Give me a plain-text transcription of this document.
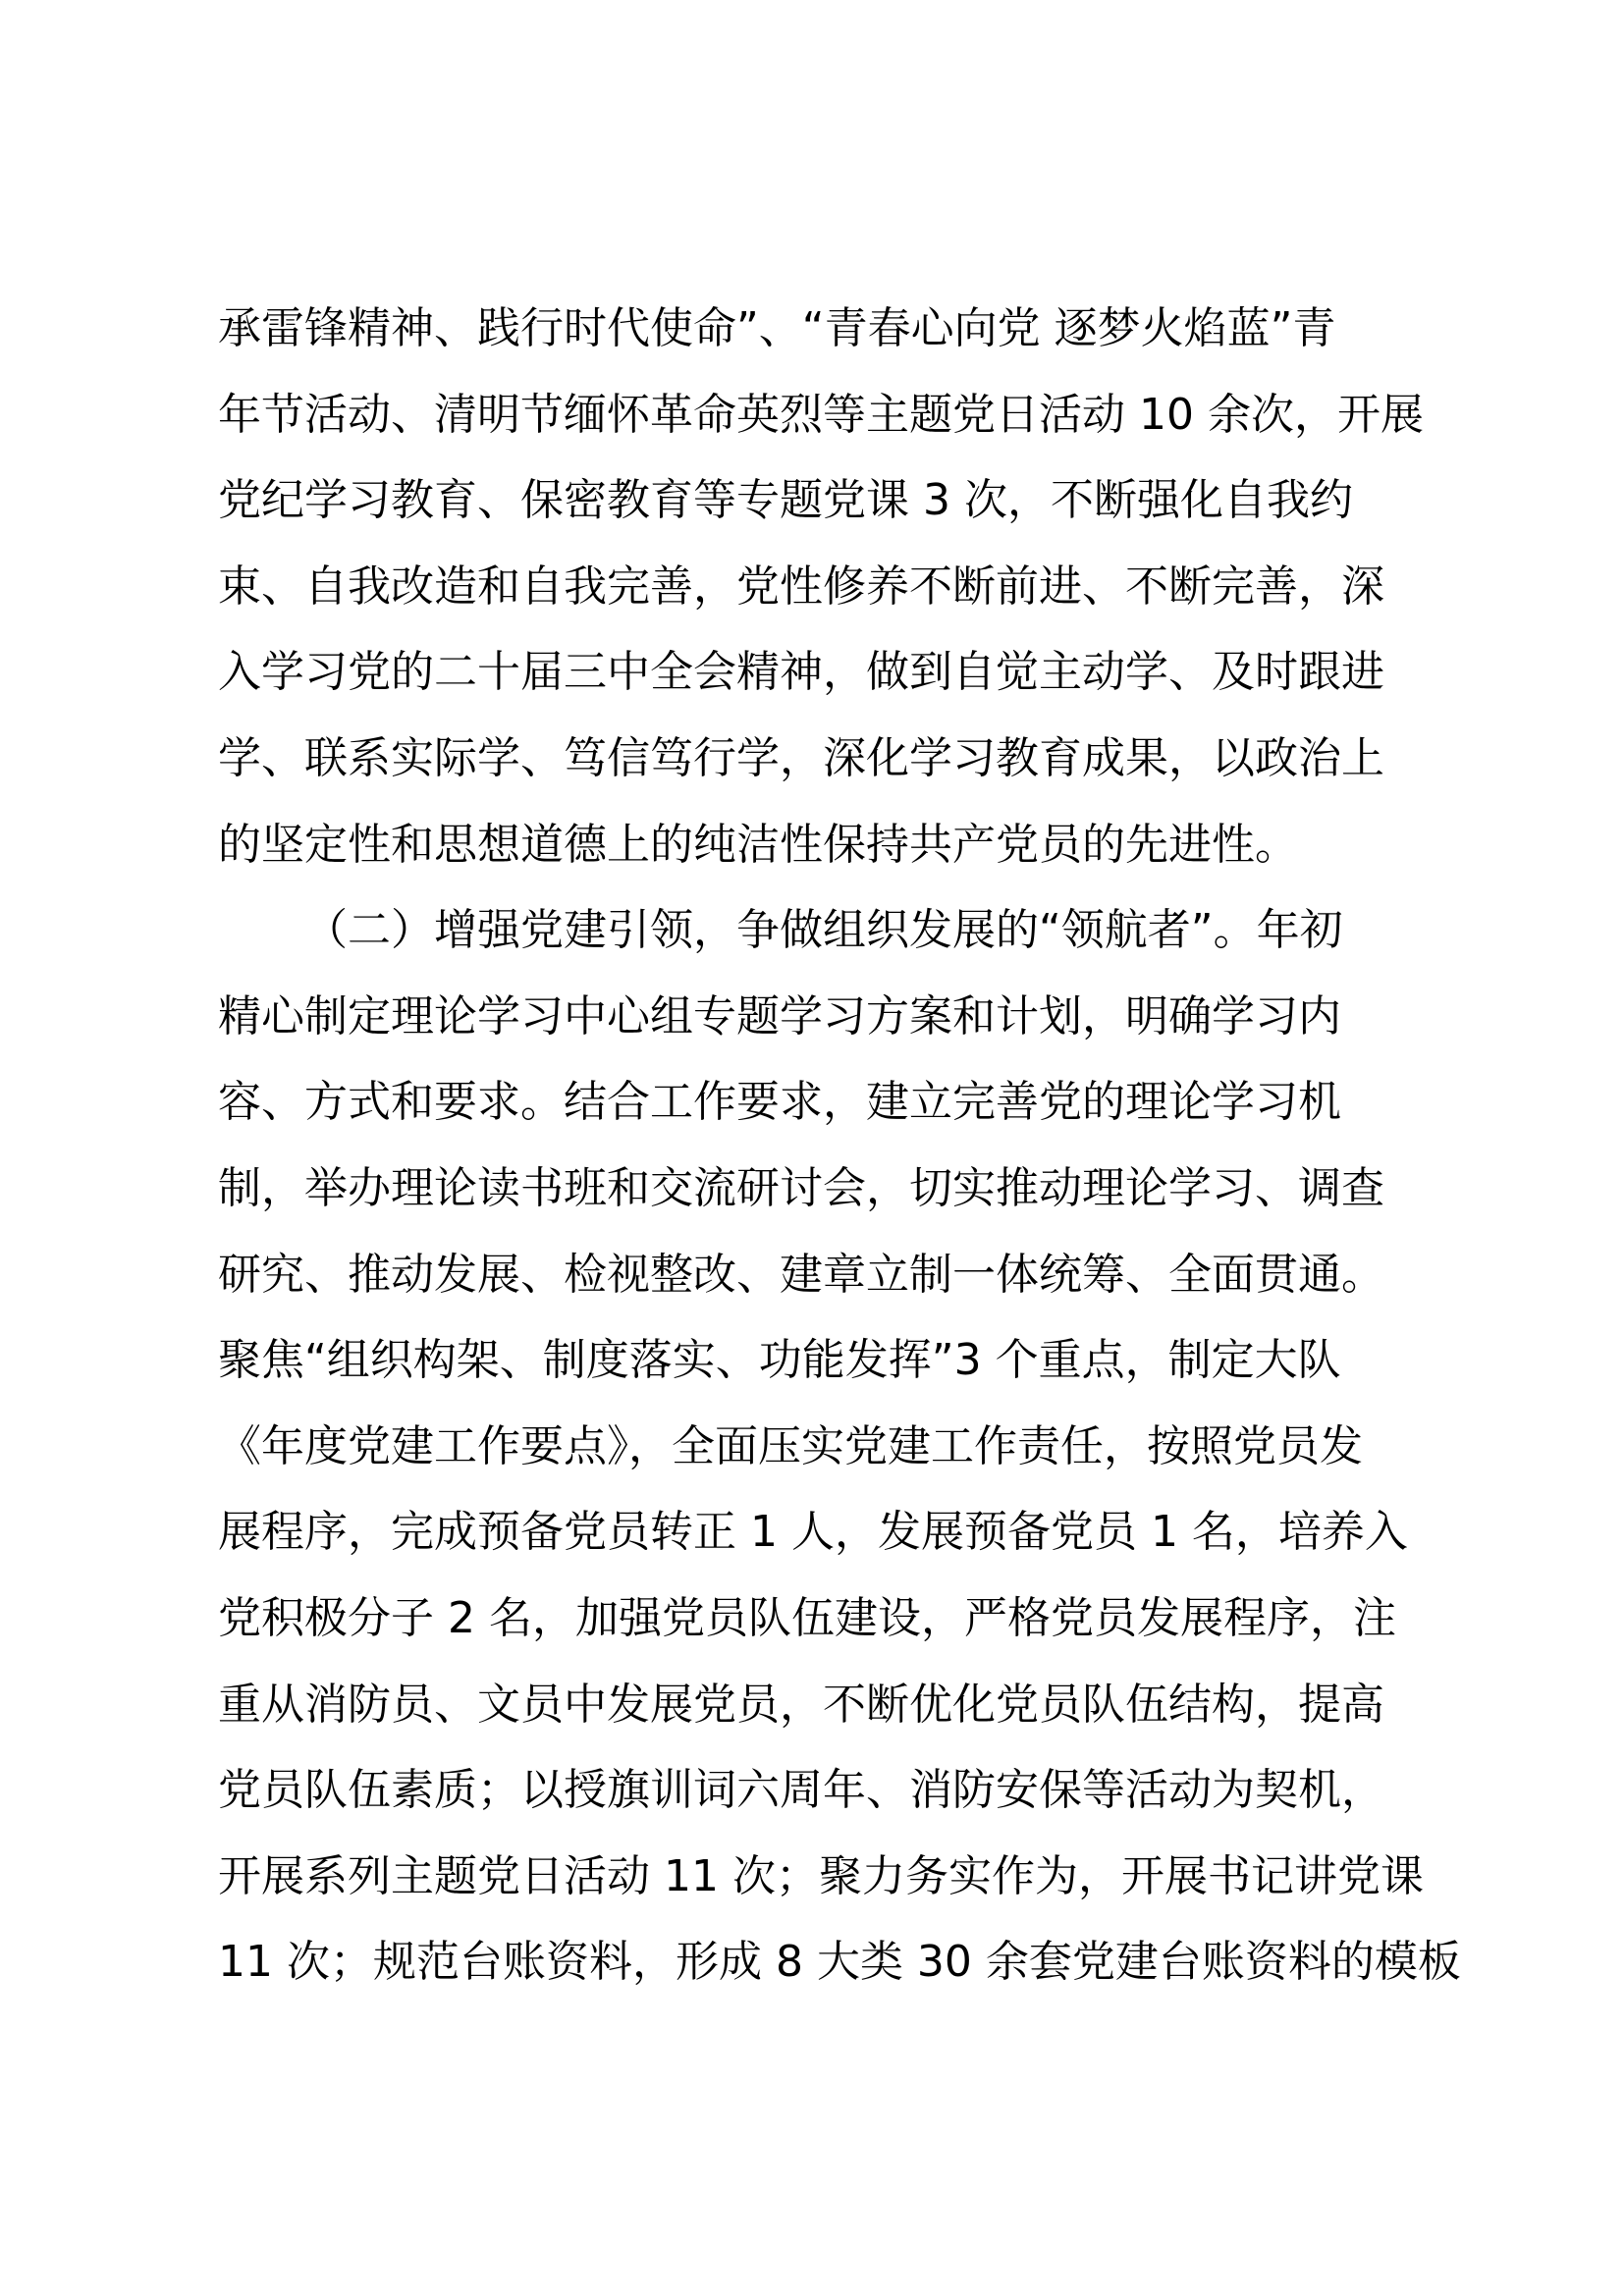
承雷锋精神、践行时代使命”、“青春心向党 逐梦火焰蓝”青
年节活动、清明节缅怀革命英烈等主题党日活动 10 余次，开展
党纪学习教育、保密教育等专题党课 3 次，不断强化自我约
束、自我改造和自我完善，党性修养不断前进、不断完善，深
入学习党的二十届三中全会精神，做到自觉主动学、及时跟进
学、联系实际学、笃信笃行学，深化学习教育成果，以政治上
的坚定性和思想道德上的纯洁性保持共产党员的先进性。
（二）增强党建引领，争做组织发展的“领航者”。年初
精心制定理论学习中心组专题学习方案和计划，明确学习内
容、方式和要求。结合工作要求，建立完善党的理论学习机
制，举办理论读书班和交流研讨会，切实推动理论学习、调查
研究、推动发展、检视整改、建章立制一体统筹、全面贯通。
聚焦“组织构架、制度落实、功能发挥”3 个重点，制定大队
《年度党建工作要点》，全面压实党建工作责任，按照党员发
展程序，完成预备党员转正 1 人，发展预备党员 1 名，培养入
党积极分子 2 名，加强党员队伍建设，严格党员发展程序，注
重从消防员、文员中发展党员，不断优化党员队伍结构，提高
党员队伍素质；以授旗训词六周年、消防安保等活动为契机，
开展系列主题党日活动 11 次；聚力务实作为，开展书记讲党课
11 次；规范台账资料，形成 8 大类 30 余套党建台账资料的模板
